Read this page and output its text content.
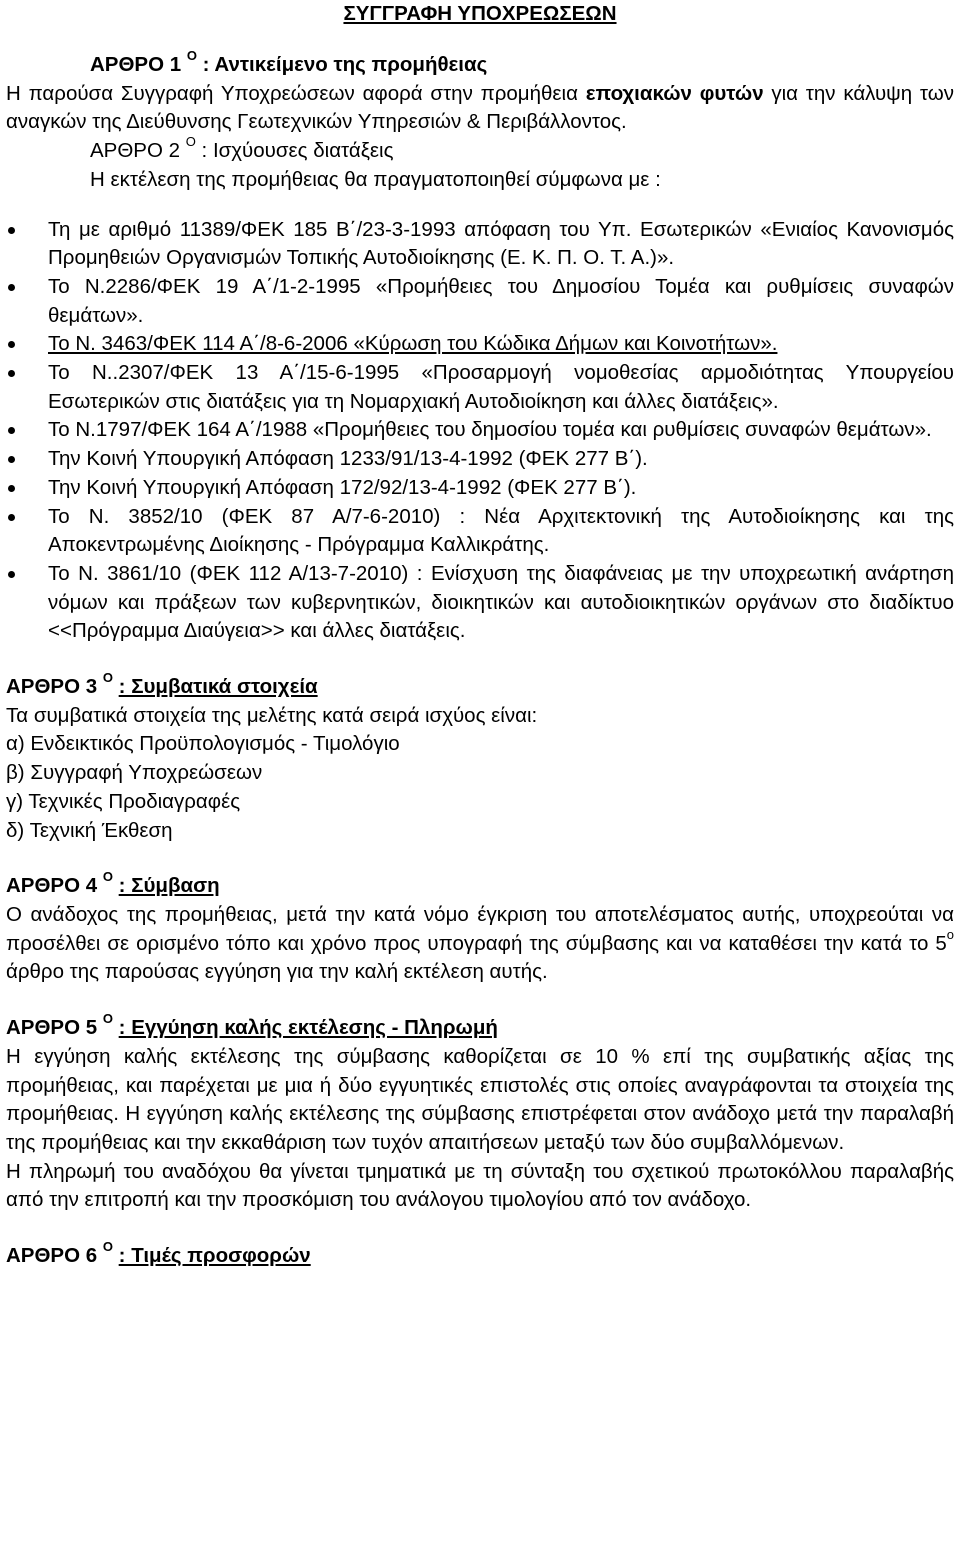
ΣΥΓΓΡΑΦΗ ΥΠΟΧΡΕΩΣΕΩΝ

ΑΡΘΡΟ 1 $^O$ : Αντικείμενο της προμήθειας

Η παρούσα Συγγραφή Υποχρεώσεων αφορά στην προμήθεια εποχιακών φυτών για την κάλυψη των αναγκών της Διεύθυνσης Γεωτεχνικών Υπηρεσιών & Περιβάλλοντος.

ΑΡΘΡΟ 2 $^O$ : Ισχύουσες διατάξεις

Η εκτέλεση της προμήθειας θα πραγματοποιηθεί σύμφωνα με :

Τη με αριθμό 11389/ΦΕΚ 185 Β΄/23-3-1993 απόφαση του Υπ. Εσωτερικών «Ενιαίος Κανονισμός Προμηθειών Οργανισμών Τοπικής Αυτοδιοίκησης (Ε. Κ. Π. Ο. Τ. Α.)».
Το Ν.2286/ΦΕΚ 19 Α΄/1-2-1995 «Προμήθειες του Δημοσίου Τομέα και ρυθμίσεις συναφών θεμάτων».
Το Ν. 3463/ΦΕΚ 114 Α΄/8-6-2006 «Κύρωση του Κώδικα Δήμων και Κοινοτήτων».
Το Ν..2307/ΦΕΚ 13 Α΄/15-6-1995 «Προσαρμογή νομοθεσίας αρμοδιότητας Υπουργείου Εσωτερικών στις διατάξεις για τη Νομαρχιακή Αυτοδιοίκηση και άλλες διατάξεις».
Το Ν.1797/ΦΕΚ 164 Α΄/1988 «Προμήθειες του δημοσίου τομέα και ρυθμίσεις συναφών θεμάτων».
Την Κοινή Υπουργική Απόφαση 1233/91/13-4-1992 (ΦΕΚ 277 Β΄).
Την Κοινή Υπουργική Απόφαση 172/92/13-4-1992 (ΦΕΚ 277 Β΄).
Το Ν. 3852/10 (ΦΕΚ 87 Α/7-6-2010) : Νέα Αρχιτεκτονική της Αυτοδιοίκησης και της Αποκεντρωμένης Διοίκησης - Πρόγραμμα Καλλικράτης.
Το Ν. 3861/10 (ΦΕΚ 112 Α/13-7-2010) : Ενίσχυση της διαφάνειας με την υποχρεωτική ανάρτηση νόμων και πράξεων των κυβερνητικών, διοικητικών και αυτοδιοικητικών οργάνων στο διαδίκτυο <<Πρόγραμμα Διαύγεια>> και άλλες διατάξεις.
ΑΡΘΡΟ 3 $^O$ : Συμβατικά στοιχεία

Τα συμβατικά στοιχεία της μελέτης κατά σειρά ισχύος είναι:

α) Ενδεικτικός Προϋπολογισμός - Τιμολόγιο

β) Συγγραφή Υποχρεώσεων

γ) Τεχνικές Προδιαγραφές

δ) Τεχνική Έκθεση

ΑΡΘΡΟ 4 $^O$ : Σύμβαση

Ο ανάδοχος της προμήθειας, μετά την κατά νόμο έγκριση του αποτελέσματος αυτής, υποχρεούται να προσέλθει σε ορισμένο τόπο και χρόνο προς υπογραφή της σύμβασης και να καταθέσει την κατά το $5^o$ άρθρο της παρούσας εγγύηση για την καλή εκτέλεση αυτής.

ΑΡΘΡΟ 5 $^O$ : Εγγύηση καλής εκτέλεσης - Πληρωμή

Η εγγύηση καλής εκτέλεσης της σύμβασης καθορίζεται σε 10 % επί της συμβατικής αξίας της προμήθειας, και παρέχεται με μια ή δύο εγγυητικές επιστολές στις οποίες αναγράφονται τα στοιχεία της προμήθειας. Η εγγύηση καλής εκτέλεσης της σύμβασης επιστρέφεται στον ανάδοχο μετά την παραλαβή της προμήθειας και την εκκαθάριση των τυχόν απαιτήσεων μεταξύ των δύο συμβαλλόμενων.

Η πληρωμή του αναδόχου θα γίνεται τμηματικά με τη σύνταξη του σχετικού πρωτοκόλλου παραλαβής από την επιτροπή και την προσκόμιση του ανάλογου τιμολογίου από τον ανάδοχο.

ΑΡΘΡΟ 6 $^O$ : Τιμές προσφορών
